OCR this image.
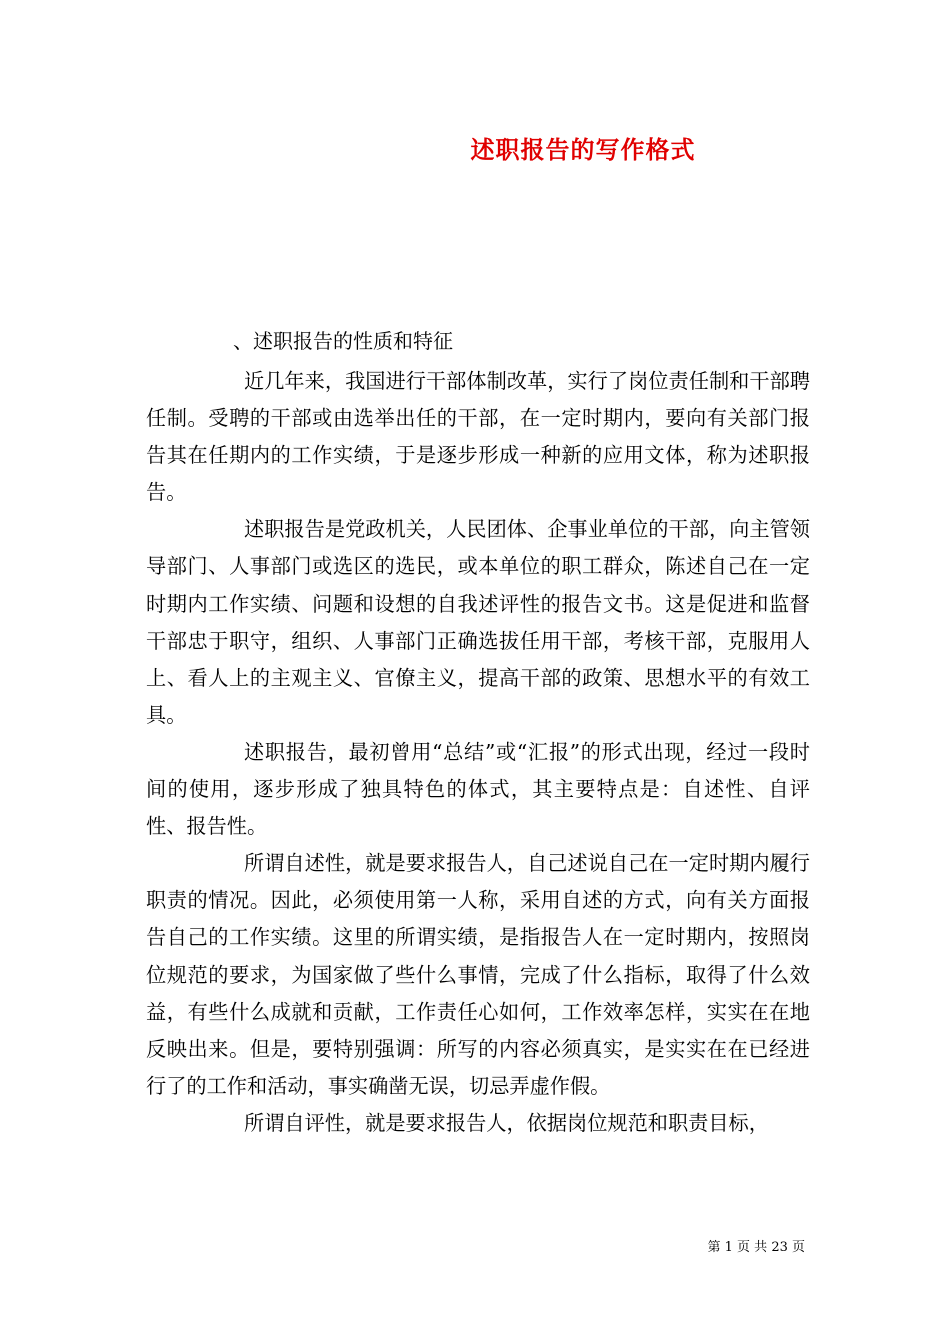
述职报告的写作格式
、述职报告的性质和特征

近几年来，我国进行干部体制改革，实行了岗位责任制和干部聘任制。受聘的干部或由选举出任的干部，在一定时期内，要向有关部门报告其在任期内的工作实绩，于是逐步形成一种新的应用文体，称为述职报告。

述职报告是党政机关，人民团体、企事业单位的干部，向主管领导部门、人事部门或选区的选民，或本单位的职工群众，陈述自己在一定时期内工作实绩、问题和设想的自我述评性的报告文书。这是促进和监督干部忠于职守，组织、人事部门正确选拔任用干部，考核干部，克服用人上、看人上的主观主义、官僚主义，提高干部的政策、思想水平的有效工具。

述职报告，最初曾用“总结”或“汇报”的形式出现，经过一段时间的使用，逐步形成了独具特色的体式，其主要特点是：自述性、自评性、报告性。

所谓自述性，就是要求报告人，自己述说自己在一定时期内履行职责的情况。因此，必须使用第一人称，采用自述的方式，向有关方面报告自己的工作实绩。这里的所谓实绩，是指报告人在一定时期内，按照岗位规范的要求，为国家做了些什么事情，完成了什么指标，取得了什么效益，有些什么成就和贡献，工作责任心如何，工作效率怎样，实实在在地反映出来。但是，要特别强调：所写的内容必须真实，是实实在在已经进行了的工作和活动，事实确凿无误，切忌弄虚作假。

所谓自评性，就是要求报告人，依据岗位规范和职责目标，

第 1 页 共 23 页
